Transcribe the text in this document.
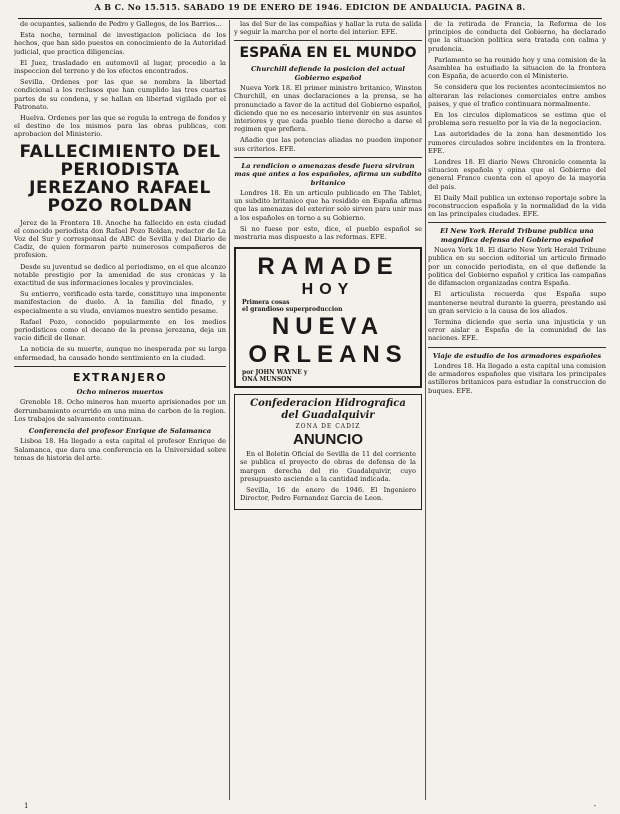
A B C. No 15.515. SABADO 19 DE ENERO DE 1946. EDICION DE ANDALUCIA. PAGINA 8.

de ocupantes, saliendo de Pedro y Gallegos, de los Barrios...

Esta noche, terminal de investigacion policiaca de los hechos, que han sido puestos en conocimiento de la Autoridad judicial, que practica diligencias.

El Juez, trasladado en automovil al lugar, procedio a la inspeccion del terreno y de los efectos encontrados.

Sevilla. Ordenes por las que se nombra la libertad condicional a los reclusos que han cumplido las tres cuartas partes de su condena, y se hallan en libertad vigilada por el Patronato.

Huelva. Ordenes por las que se regula la entrega de fondos y el destino de los mismos para las obras publicas, con aprobacion del Ministerio.

FALLECIMIENTO DEL PERIODISTA JEREZANO RAFAEL POZO ROLDAN

Jerez de la Frontera 18. Anoche ha fallecido en esta ciudad el conocido periodista don Rafael Pozo Roldan, redactor de La Voz del Sur y corresponsal de ABC de Sevilla y del Diario de Cadiz, de quien formaron parte numerosos compañeros de profesion.

Desde su juventud se dedico al periodismo, en el que alcanzo notable prestigio por la amenidad de sus cronicas y la exactitud de sus informaciones locales y provinciales.

Su entierro, verificado esta tarde, constituyo una imponente manifestacion de duelo. A la familia del finado, y especialmente a su viuda, enviamos nuestro sentido pesame.

Rafael Pozo, conocido popularmente en los medios periodisticos como el decano de la prensa jerezana, deja un vacio dificil de llenar.

La noticia de su muerte, aunque no inesperada por su larga enfermedad, ha causado hondo sentimiento en la ciudad.

EXTRANJERO
Ocho mineros muertos

Grenoble 18. Ocho mineros han muerto aprisionados por un derrumbamiento ocurrido en una mina de carbon de la region. Los trabajos de salvamento continuan.

Conferencia del profesor Enrique de Salamanca

Lisboa 18. Ha llegado a esta capital el profesor Enrique de Salamanca, que dara una conferencia en la Universidad sobre temas de historia del arte.

las del Sur de las compañias y hallar la ruta de salida y seguir la marcha por el norte del interior. EFE.

ESPAÑA EN EL MUNDO
Churchill defiende la posicion del actual Gobierno español

Nueva York 18. El primer ministro britanico, Winston Churchill, en unas declaraciones a la prensa, se ha pronunciado a favor de la actitud del Gobierno español, diciendo que no es necesario intervenir en sus asuntos interiores y que cada pueblo tiene derecho a darse el regimen que prefiera.

Añadio que las potencias aliadas no pueden imponer sus criterios. EFE.

La rendicion o amenazas desde fuera sirviran mas que antes a los españoles, afirma un subdito britanico

Londres 18. En un articulo publicado en The Tablet, un subdito britanico que ha residido en España afirma que las amenazas del exterior solo sirven para unir mas a los españoles en torno a su Gobierno.

Si no fuese por esto, dice, el pueblo español se mostraria mas dispuesto a las reformas. EFE.

RAMADE
HOY
Primera cosas
el grandioso superproduccion
NUEVA
ORLEANS
por JOHN WAYNE y
ONA MUNSON
Confederacion Hidrografica del Guadalquivir
ZONA DE CADIZ
ANUNCIO

En el Boletin Oficial de Sevilla de 11 del corriente se publica el proyecto de obras de defensa de la margen derecha del rio Guadalquivir, cuyo presupuesto asciende a la cantidad indicada.

Sevilla, 16 de enero de 1946. El Ingeniero Director, Pedro Fernandez Garcia de Leon.

de la retirada de Francia, la Reforma de los principios de conducta del Gobierno, ha declarado que la situacion politica sera tratada con calma y prudencia.

Parlamento se ha reunido hoy y una comision de la Asamblea ha estudiado la situacion de la frontera con España, de acuerdo con el Ministerio.

Se considera que los recientes acontecimientos no alteraran las relaciones comerciales entre ambos paises, y que el trafico continuara normalmente.

En los circulos diplomaticos se estima que el problema sera resuelto por la via de la negociacion.

Las autoridades de la zona han desmentido los rumores circulados sobre incidentes en la frontera. EFE.

Londres 18. El diario News Chronicle comenta la situacion española y opina que el Gobierno del general Franco cuenta con el apoyo de la mayoria del pais.

El Daily Mail publica un extenso reportaje sobre la reconstruccion española y la normalidad de la vida en las principales ciudades. EFE.

El New York Herald Tribune publica una magnifica defensa del Gobierno español

Nueva York 18. El diario New York Herald Tribune publica en su seccion editorial un articulo firmado por un conocido periodista, en el que defiende la politica del Gobierno español y critica las campañas de difamacion organizadas contra España.

El articulista recuerda que España supo mantenerse neutral durante la guerra, prestando asi un gran servicio a la causa de los aliados.

Termina diciendo que seria una injusticia y un error aislar a España de la comunidad de las naciones. EFE.

Viaje de estudio de los armadores españoles

Londres 18. Ha llegado a esta capital una comision de armadores españoles que visitara los principales astilleros britanicos para estudiar la construccion de buques. EFE.

1	-
